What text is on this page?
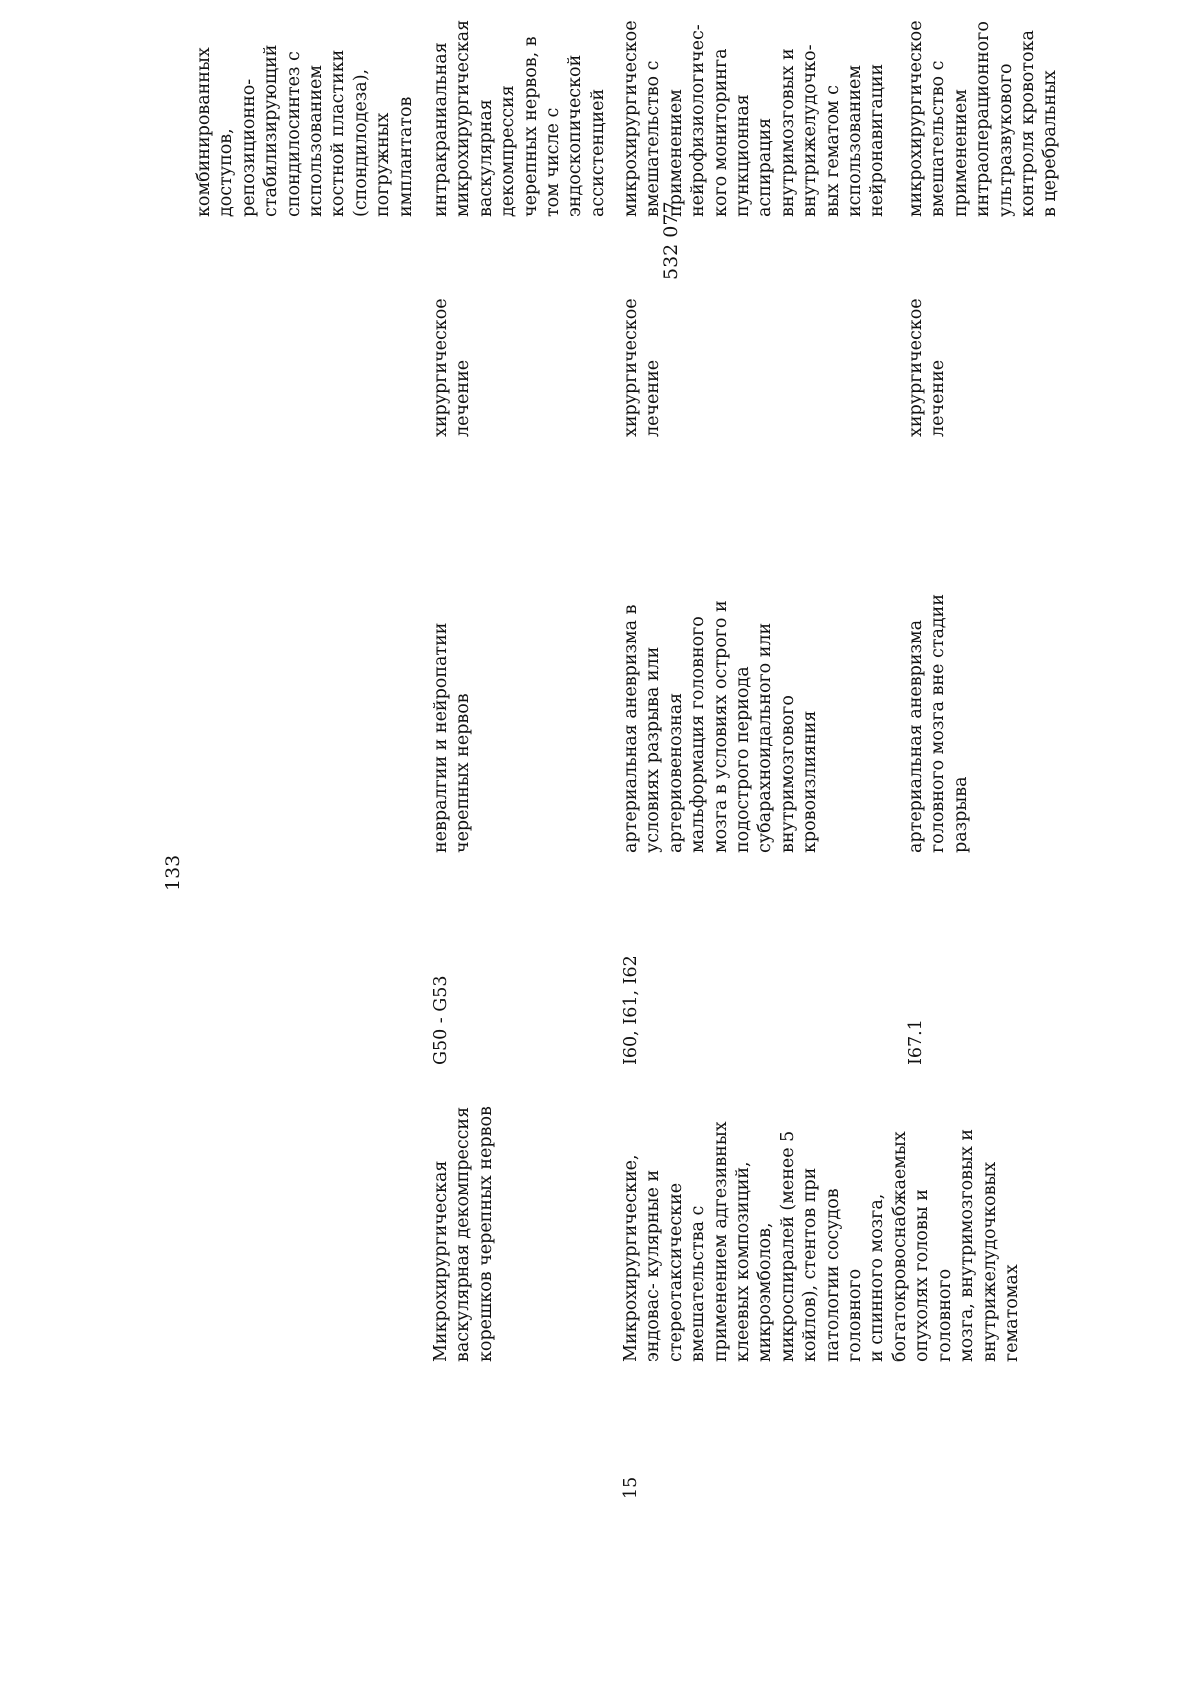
133
532 077
комбинированных
доступов,
репозиционно-
стабилизирующий
спондилосинтез с
использованием
костной пластики
(спондилодеза),
погружных
имплантатов
Микрохирургическая
васкулярная декомпрессия
корешков черепных нервов
G50 - G53
невралгии и нейропатии
черепных нервов
хирургическое
лечение
интракраниальная
микрохирургическая
васкулярная
декомпрессия
черепных нервов, в
том числе с
эндоскопической
ассистенцией
15
Микрохирургические,
эндовас- кулярные и
стереотаксические
вмешательства с
применением адгезивных
клеевых композиций,
микроэмболов,
микроспиралей (менее 5
койлов), стентов при
патологии сосудов головного
и спинного мозга,
богатокровоснабжаемых
опухолях головы и головного
мозга, внутримозговых и
внутрижелудочковых
гематомах
I60, I61, I62
артериальная аневризма в
условиях разрыва или
артериовенозная
мальформация головного
мозга в условиях острого и
подострого периода
субарахноидального или
внутримозгового
кровоизлияния
хирургическое
лечение
микрохирургическое
вмешательство с
применением
нейрофизиологичес-
кого мониторинга
пункционная
аспирация
внутримозговых и
внутрижелудочко-
вых гематом с
использованием
нейронавигации
I67.1
артериальная аневризма
головного мозга вне стадии
разрыва
хирургическое
лечение
микрохирургическое
вмешательство с
применением
интраоперационного
ультразвукового
контроля кровотока
в церебральных
